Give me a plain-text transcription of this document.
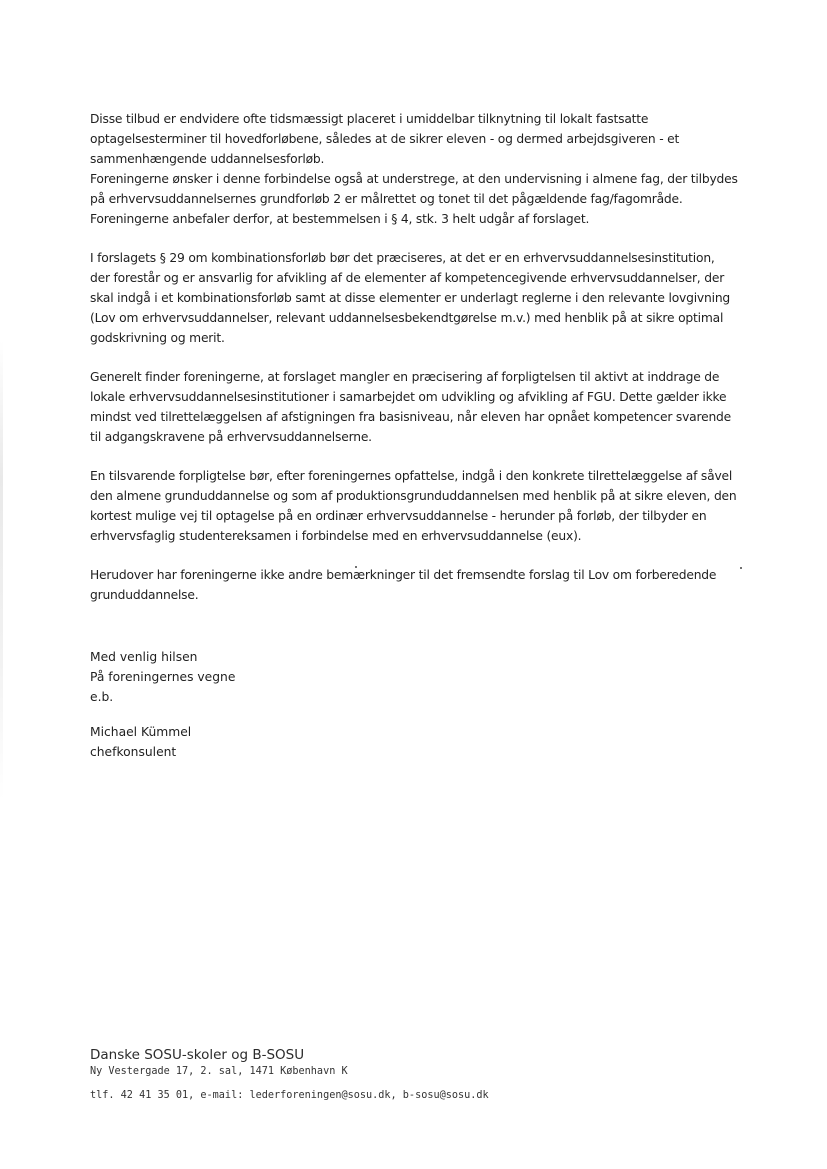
Disse tilbud er endvidere ofte tidsmæssigt placeret i umiddelbar tilknytning til lokalt fastsatte
optagelsesterminer til hovedforløbene, således at de sikrer eleven - og dermed arbejdsgiveren - et
sammenhængende uddannelsesforløb.

Foreningerne ønsker i denne forbindelse også at understrege, at den undervisning i almene fag, der tilbydes
på erhvervsuddannelsernes grundforløb 2 er målrettet og tonet til det pågældende fag/fagområde.
Foreningerne anbefaler derfor, at bestemmelsen i § 4, stk. 3 helt udgår af forslaget.

I forslagets § 29 om kombinationsforløb bør det præciseres, at det er en erhvervsuddannelsesinstitution,
der forestår og er ansvarlig for afvikling af de elementer af kompetencegivende erhvervsuddannelser, der
skal indgå i et kombinationsforløb samt at disse elementer er underlagt reglerne i den relevante lovgivning
(Lov om erhvervsuddannelser, relevant uddannelsesbekendtgørelse m.v.) med henblik på at sikre optimal
godskrivning og merit.

Generelt finder foreningerne, at forslaget mangler en præcisering af forpligtelsen til aktivt at inddrage de
lokale erhvervsuddannelsesinstitutioner i samarbejdet om udvikling og afvikling af FGU. Dette gælder ikke
mindst ved tilrettelæggelsen af afstigningen fra basisniveau, når eleven har opnået kompetencer svarende
til adgangskravene på erhvervsuddannelserne.

En tilsvarende forpligtelse bør, efter foreningernes opfattelse, indgå i den konkrete tilrettelæggelse af såvel
den almene grunduddannelse og som af produktionsgrunduddannelsen med henblik på at sikre eleven, den
kortest mulige vej til optagelse på en ordinær erhvervsuddannelse - herunder på forløb, der tilbyder en
erhvervsfaglig studentereksamen i forbindelse med en erhvervsuddannelse (eux).

Herudover har foreningerne ikke andre bemærkninger til det fremsendte forslag til Lov om forberedende
grunduddannelse.

Med venlig hilsen
På foreningernes vegne
e.b.
Michael Kümmel
chefkonsulent
Danske SOSU-skoler og B-SOSU
Ny Vestergade 17, 2. sal, 1471 København K
tlf. 42 41 35 01, e-mail: lederforeningen@sosu.dk, b-sosu@sosu.dk
